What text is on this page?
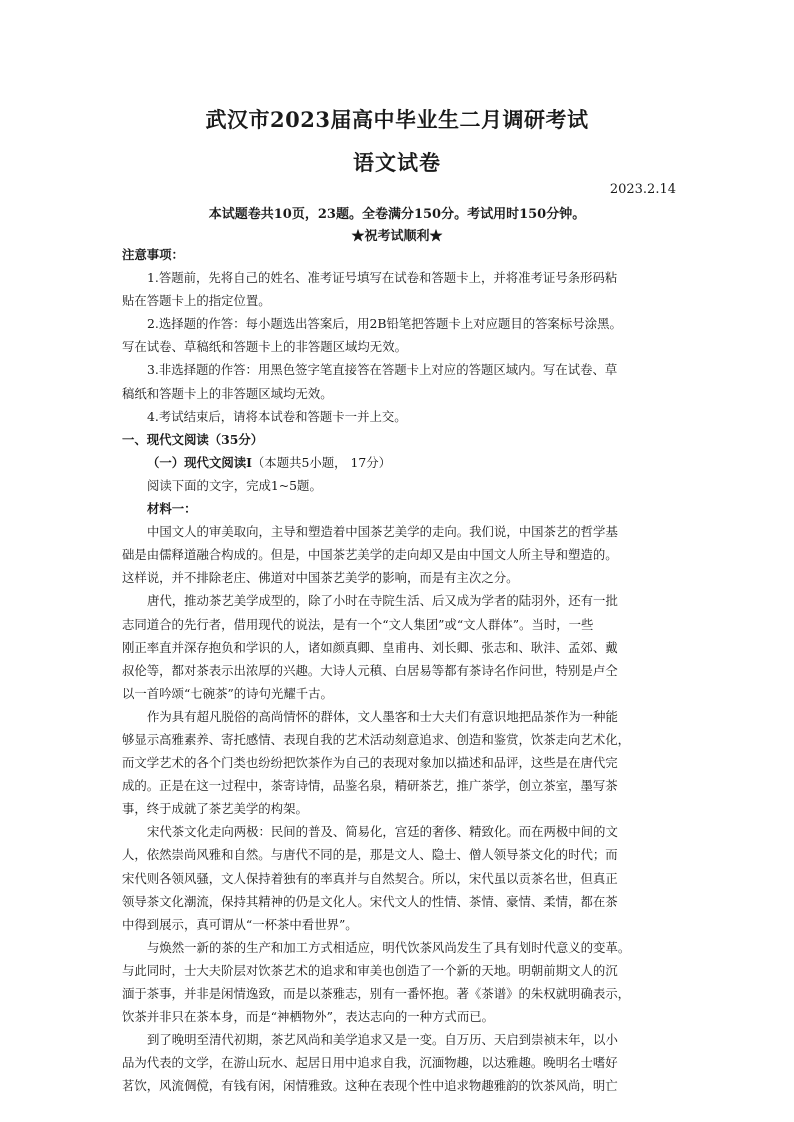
武汉市2023届高中毕业生二月调研考试
语文试卷
2023.2.14
本试题卷共10页，23题。全卷满分150分。考试用时150分钟。
★祝考试顺利★
注意事项：
1.答题前，先将自己的姓名、准考证号填写在试卷和答题卡上，并将准考证号条形码粘
贴在答题卡上的指定位置。
2.选择题的作答：每小题选出答案后，用2B铅笔把答题卡上对应题目的答案标号涂黑。
写在试卷、草稿纸和答题卡上的非答题区域均无效。
3.非选择题的作答：用黑色签字笔直接答在答题卡上对应的答题区域内。写在试卷、草
稿纸和答题卡上的非答题区域均无效。
4.考试结束后，请将本试卷和答题卡一并上交。
一、现代文阅读（35分）
（一）现代文阅读Ⅰ（本题共5小题， 17分）
阅读下面的文字，完成1~5题。
材料一：
中国文人的审美取向，主导和塑造着中国茶艺美学的走向。我们说，中国茶艺的哲学基
础是由儒释道融合构成的。但是，中国茶艺美学的走向却又是由中国文人所主导和塑造的。
这样说，并不排除老庄、佛道对中国茶艺美学的影响，而是有主次之分。
唐代，推动茶艺美学成型的，除了小时在寺院生活、后又成为学者的陆羽外，还有一批
志同道合的先行者，借用现代的说法，是有一个“文人集团”或“文人群体”。当时，一些
刚正率直并深存抱负和学识的人，诸如颜真卿、皇甫冉、刘长卿、张志和、耿沣、孟郊、戴
叔伦等，都对茶表示出浓厚的兴趣。大诗人元稹、白居易等都有茶诗名作问世，特别是卢仝
以一首吟颂“七碗茶”的诗句光耀千古。
作为具有超凡脱俗的高尚情怀的群体，文人墨客和士大夫们有意识地把品茶作为一种能
够显示高雅素养、寄托感情、表现自我的艺术活动刻意追求、创造和鉴赏，饮茶走向艺术化，
而文学艺术的各个门类也纷纷把饮茶作为自己的表现对象加以描述和品评，这些是在唐代完
成的。正是在这一过程中，茶寄诗情，品鉴名泉，精研茶艺，推广茶学，创立茶室，墨写茶
事，终于成就了茶艺美学的构架。
宋代茶文化走向两极：民间的普及、简易化，宫廷的奢侈、精致化。而在两极中间的文
人，依然崇尚风雅和自然。与唐代不同的是，那是文人、隐士、僧人领导茶文化的时代；而
宋代则各领风骚，文人保持着独有的率真并与自然契合。所以，宋代虽以贡茶名世，但真正
领导茶文化潮流，保持其精神的仍是文化人。宋代文人的性情、茶情、豪情、柔情，都在茶
中得到展示，真可谓从“一杯茶中看世界”。
与焕然一新的茶的生产和加工方式相适应，明代饮茶风尚发生了具有划时代意义的变革。
与此同时，士大夫阶层对饮茶艺术的追求和审美也创造了一个新的天地。明朝前期文人的沉
湎于茶事，并非是闲情逸致，而是以茶雅志，别有一番怀抱。著《茶谱》的朱权就明确表示，
饮茶并非只在茶本身，而是“神栖物外”，表达志向的一种方式而已。
到了晚明至清代初期，茶艺风尚和美学追求又是一变。自万历、天启到崇祯末年，以小
品为代表的文学，在游山玩水、起居日用中追求自我，沉湎物趣，以达雅趣。晚明名士嗜好
茗饮，风流倜傥，有钱有闲，闲情雅致。这种在表现个性中追求物趣雅韵的饮茶风尚，明亡
